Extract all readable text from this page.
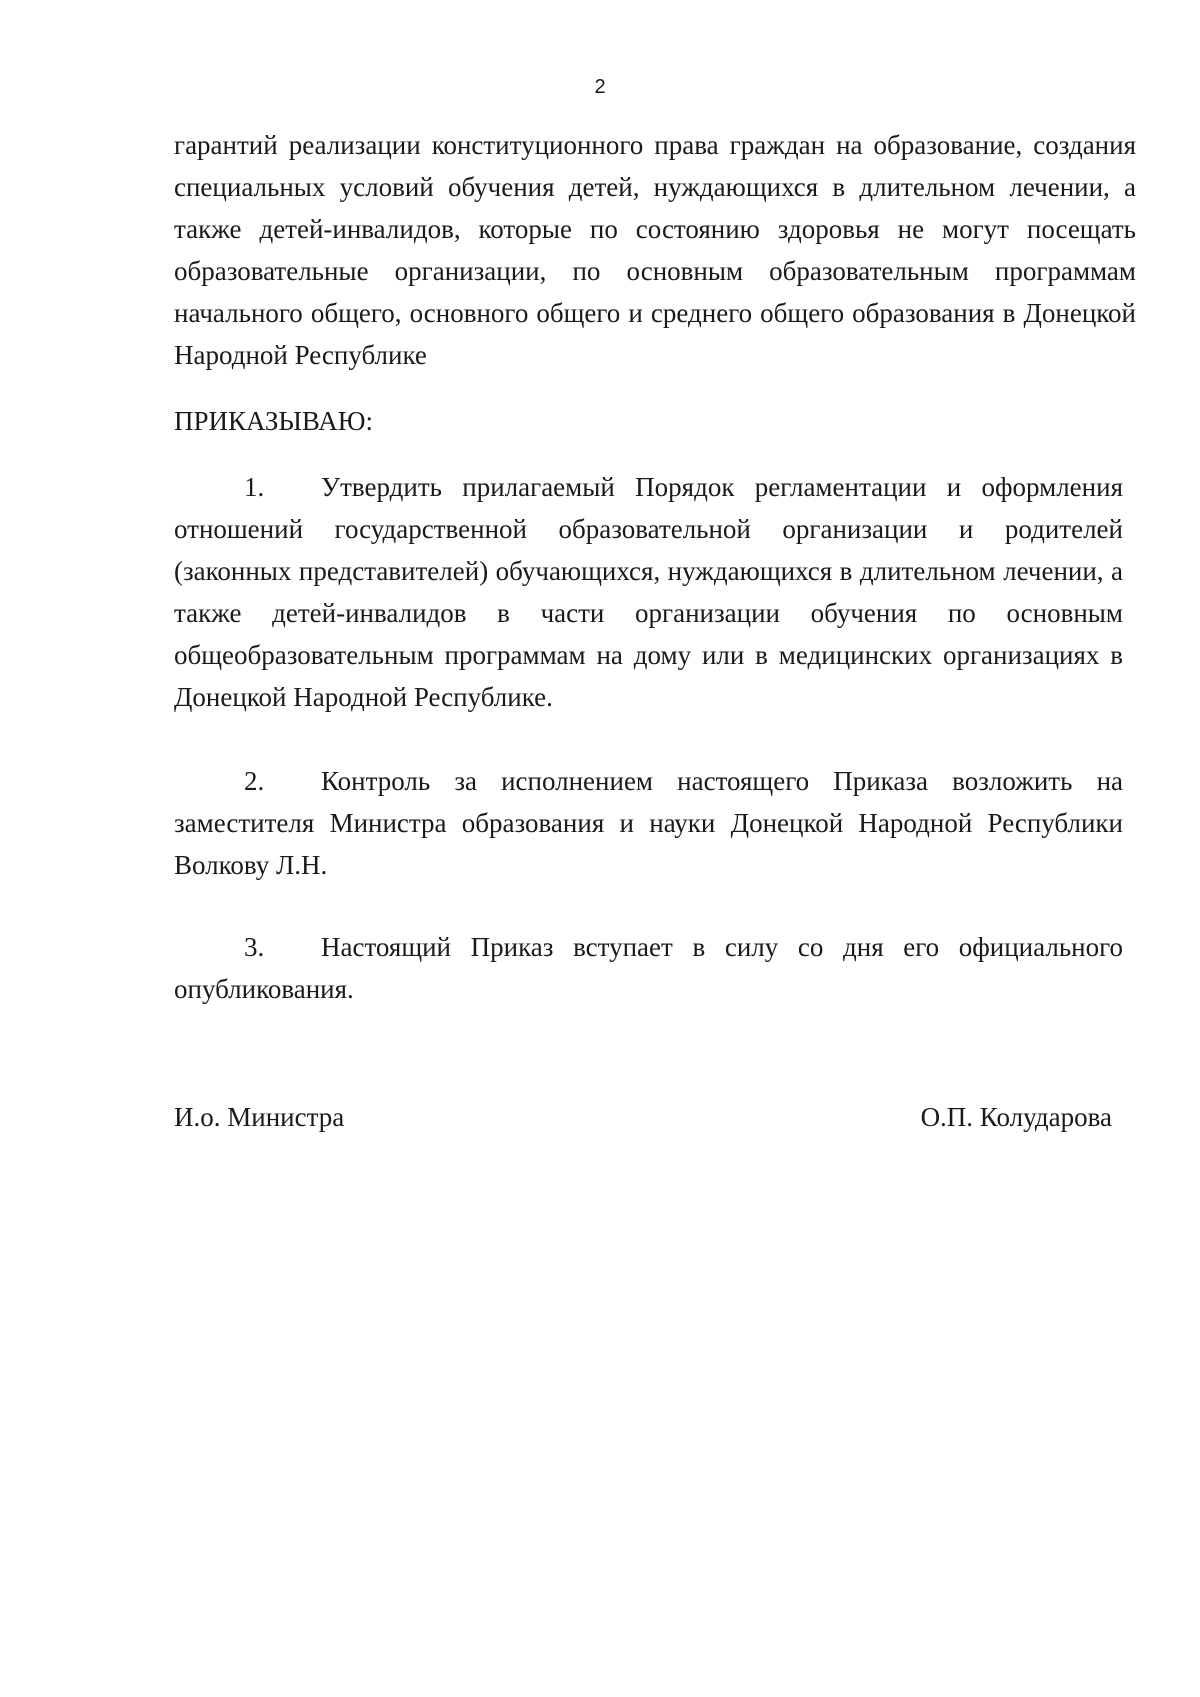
2
гарантий реализации конституционного права граждан на образование, создания специальных условий обучения детей, нуждающихся в длительном лечении, а также детей-инвалидов, которые по состоянию здоровья не могут посещать образовательные организации, по основным образовательным программам начального общего, основного общего и среднего общего образования в Донецкой Народной Республике
ПРИКАЗЫВАЮ:
1. Утвердить прилагаемый Порядок регламентации и оформления отношений государственной образовательной организации и родителей (законных представителей) обучающихся, нуждающихся в длительном лечении, а также детей-инвалидов в части организации обучения по основным общеобразовательным программам на дому или в медицинских организациях в Донецкой Народной Республике.
2. Контроль за исполнением настоящего Приказа возложить на заместителя Министра образования и науки Донецкой Народной Республики Волкову Л.Н.
3. Настоящий Приказ вступает в силу со дня его официального опубликования.
И.о. Министра	О.П. Колударова
